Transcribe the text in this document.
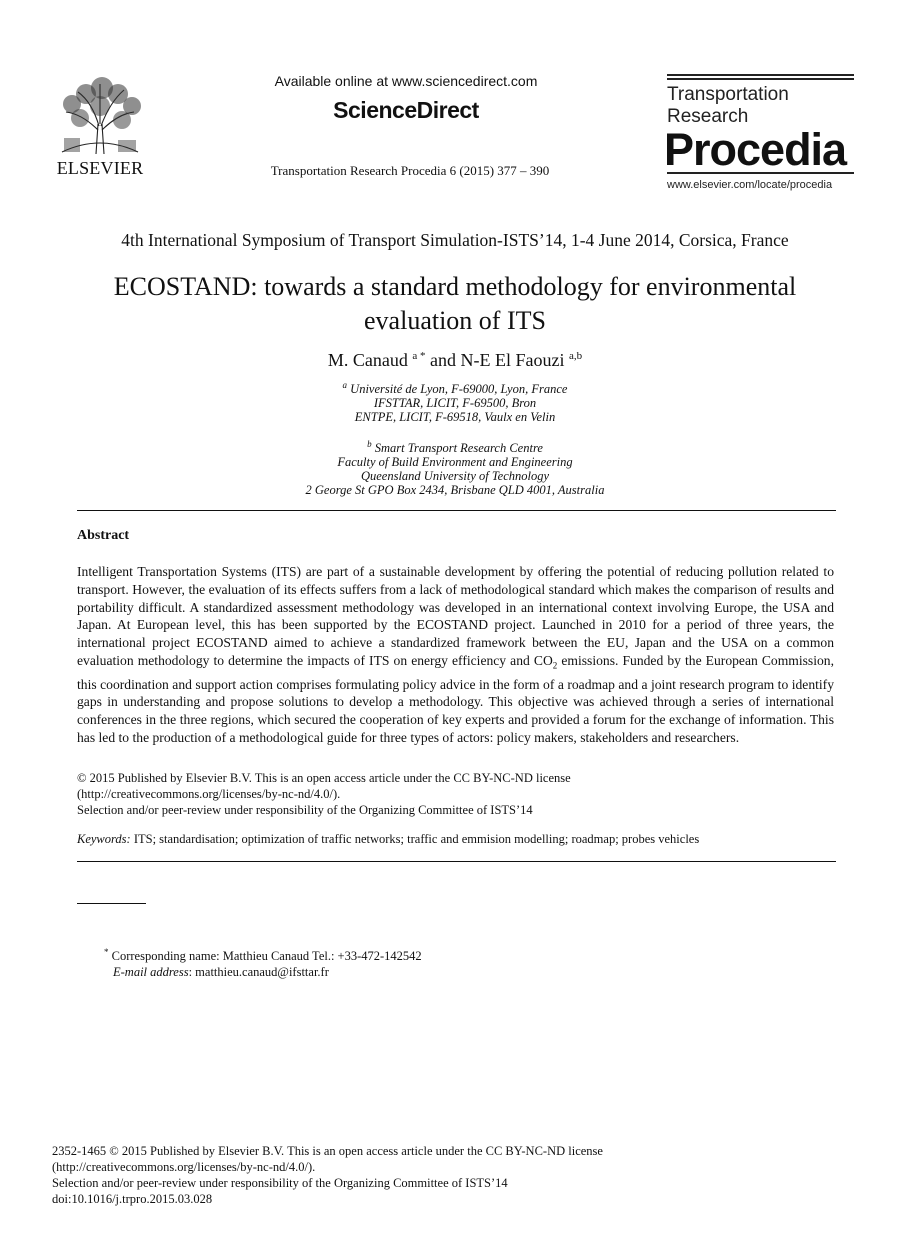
ELSEVIER
Available online at www.sciencedirect.com
ScienceDirect
Transportation Research Procedia 6 (2015) 377 – 390
Transportation
Research
Procedia
www.elsevier.com/locate/procedia
4th International Symposium of Transport Simulation-ISTS’14, 1-4 June 2014, Corsica, France
ECOSTAND: towards a standard methodology for environmental
evaluation of ITS
M. Canaud $^{a *}$ and N-E El Faouzi $^{a,b}$
$^a$ Université de Lyon, F-69000, Lyon, France
IFSTTAR, LICIT, F-69500, Bron
ENTPE, LICIT, F-69518, Vaulx en Velin
$^b$ Smart Transport Research Centre
Faculty of Build Environment and Engineering
Queensland University of Technology
2 George St GPO Box 2434, Brisbane QLD 4001, Australia
Abstract
Intelligent Transportation Systems (ITS) are part of a sustainable development by offering the potential of reducing pollution related to transport. However, the evaluation of its effects suffers from a lack of methodological standard which makes the comparison of results and portability difficult. A standardized assessment methodology was developed in an international context involving Europe, the USA and Japan. At European level, this has been supported by the ECOSTAND project. Launched in 2010 for a period of three years, the international project ECOSTAND aimed to achieve a standardized framework between the EU, Japan and the USA on a common evaluation methodology to determine the impacts of ITS on energy efficiency and $CO_2$ emissions. Funded by the European Commission, this coordination and support action comprises formulating policy advice in the form of a roadmap and a joint research program to identify gaps in understanding and propose solutions to develop a methodology. This objective was achieved through a series of international conferences in the three regions, which secured the cooperation of key experts and provided a forum for the exchange of information. This has led to the production of a methodological guide for three types of actors: policy makers, stakeholders and researchers.
© 2015 Published by Elsevier B.V. This is an open access article under the CC BY-NC-ND license
(http://creativecommons.org/licenses/by-nc-nd/4.0/).
Selection and/or peer-review under responsibility of the Organizing Committee of ISTS’14
Keywords: ITS; standardisation; optimization of traffic networks; traffic and emmision modelling; roadmap; probes vehicles
* Corresponding name: Matthieu Canaud Tel.: +33-472-142542
E-mail address: matthieu.canaud@ifsttar.fr
2352-1465 © 2015 Published by Elsevier B.V. This is an open access article under the CC BY-NC-ND license
(http://creativecommons.org/licenses/by-nc-nd/4.0/).
Selection and/or peer-review under responsibility of the Organizing Committee of ISTS’14
doi:10.1016/j.trpro.2015.03.028
